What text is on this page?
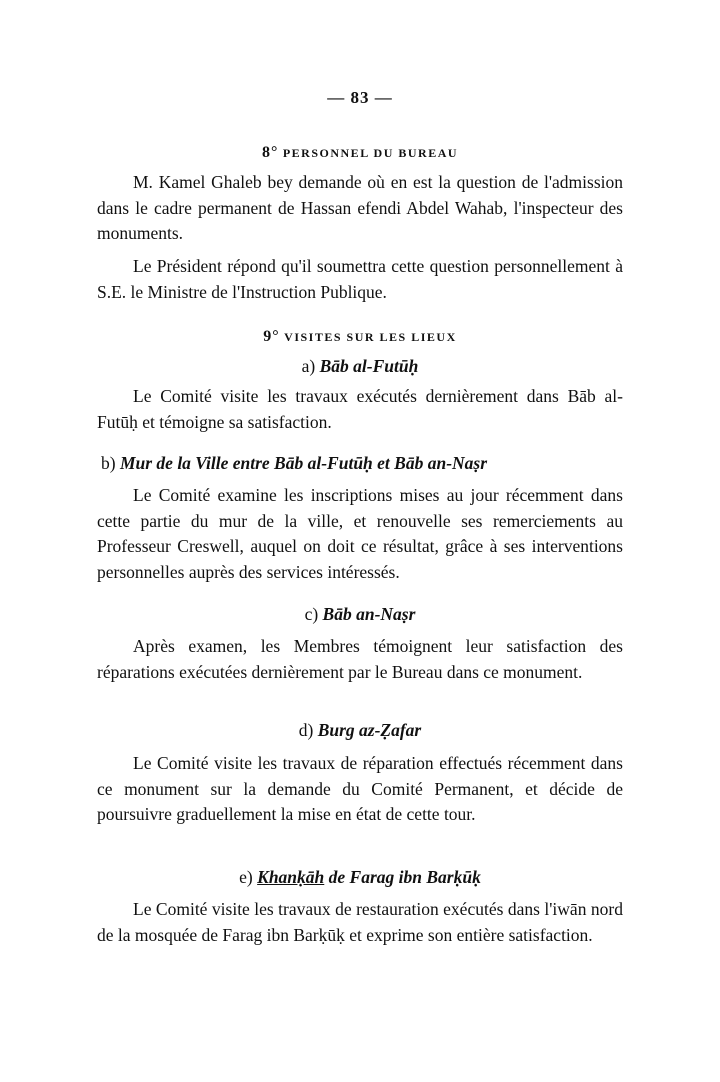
— 83 —
8° PERSONNEL DU BUREAU

M. Kamel Ghaleb bey demande où en est la question de l'admission dans le cadre permanent de Hassan efendi Abdel Wahab, l'inspecteur des monuments.

Le Président répond qu'il soumettra cette question personnellement à S.E. le Ministre de l'Instruction Publique.

9° VISITES SUR LES LIEUX
a) Bāb al-Futūḥ

Le Comité visite les travaux exécutés dernièrement dans Bāb al-Futūḥ et témoigne sa satisfaction.

b) Mur de la Ville entre Bāb al-Futūḥ et Bāb an-Naṣr

Le Comité examine les inscriptions mises au jour récemment dans cette partie du mur de la ville, et renouvelle ses remerciements au Professeur Creswell, auquel on doit ce résultat, grâce à ses interventions personnelles auprès des services intéressés.

c) Bāb an-Naṣr

Après examen, les Membres témoignent leur satisfaction des réparations exécutées dernièrement par le Bureau dans ce monument.

d) Burg az-Ẓafar

Le Comité visite les travaux de réparation effectués récemment dans ce monument sur la demande du Comité Permanent, et décide de poursuivre graduellement la mise en état de cette tour.

e) Khanḳāh de Farag ibn Barḳūḳ

Le Comité visite les travaux de restauration exécutés dans l'iwān nord de la mosquée de Farag ibn Barḳūḳ et exprime son entière satisfaction.
